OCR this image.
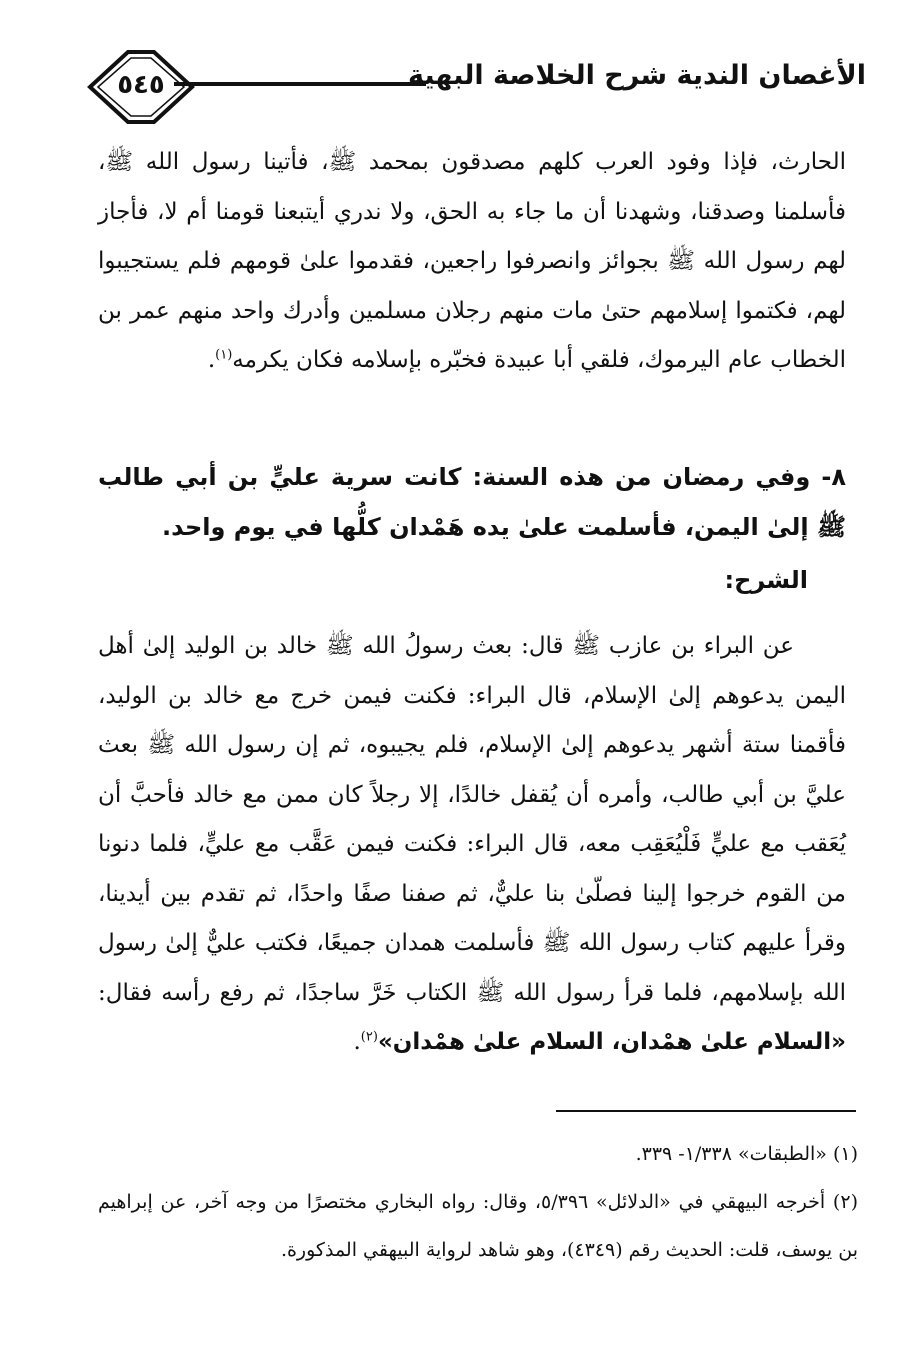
٥٤٥	الأغصان الندية شرح الخلاصة البهية

الحارث، فإذا وفود العرب كلهم مصدقون بمحمد ﷺ، فأتينا رسول الله ﷺ، فأسلمنا وصدقنا، وشهدنا أن ما جاء به الحق، ولا ندري أيتبعنا قومنا أم لا، فأجاز لهم رسول الله ﷺ بجوائز وانصرفوا راجعين، فقدموا علىٰ قومهم فلم يستجيبوا لهم، فكتموا إسلامهم حتىٰ مات منهم رجلان مسلمين وأدرك واحد منهم عمر بن الخطاب عام اليرموك، فلقي أبا عبيدة فخبّره بإسلامه فكان يكرمه$^{(١)}$.

٨- وفي رمضان من هذه السنة: كانت سرية عليٍّ بن أبي طالب ﷺ إلىٰ اليمن، فأسلمت علىٰ يده هَمْدان كلُّها في يوم واحد.
الشرح:

عن البراء بن عازب ﷺ قال: بعث رسولُ الله ﷺ خالد بن الوليد إلىٰ أهل اليمن يدعوهم إلىٰ الإسلام، قال البراء: فكنت فيمن خرج مع خالد بن الوليد، فأقمنا ستة أشهر يدعوهم إلىٰ الإسلام، فلم يجيبوه، ثم إن رسول الله ﷺ بعث عليَّ بن أبي طالب، وأمره أن يُقفل خالدًا، إلا رجلاً كان ممن مع خالد فأحبَّ أن يُعَقب مع عليٍّ فَلْيُعَقِب معه، قال البراء: فكنت فيمن عَقَّب مع عليٍّ، فلما دنونا من القوم خرجوا إلينا فصلّىٰ بنا عليٌّ، ثم صفنا صفًا واحدًا، ثم تقدم بين أيدينا، وقرأ عليهم كتاب رسول الله ﷺ فأسلمت همدان جميعًا، فكتب عليٌّ إلىٰ رسول الله بإسلامهم، فلما قرأ رسول الله ﷺ الكتاب خَرَّ ساجدًا، ثم رفع رأسه فقال: «السلام علىٰ همْدان، السلام علىٰ همْدان»$^{(٢)}$.

(١) «الطبقات» ١/٣٣٨- ٣٣٩.

(٢) أخرجه البيهقي في «الدلائل» ٥/٣٩٦، وقال: رواه البخاري مختصرًا من وجه آخر، عن إبراهيم بن يوسف، قلت: الحديث رقم (٤٣٤٩)، وهو شاهد لرواية البيهقي المذكورة.
